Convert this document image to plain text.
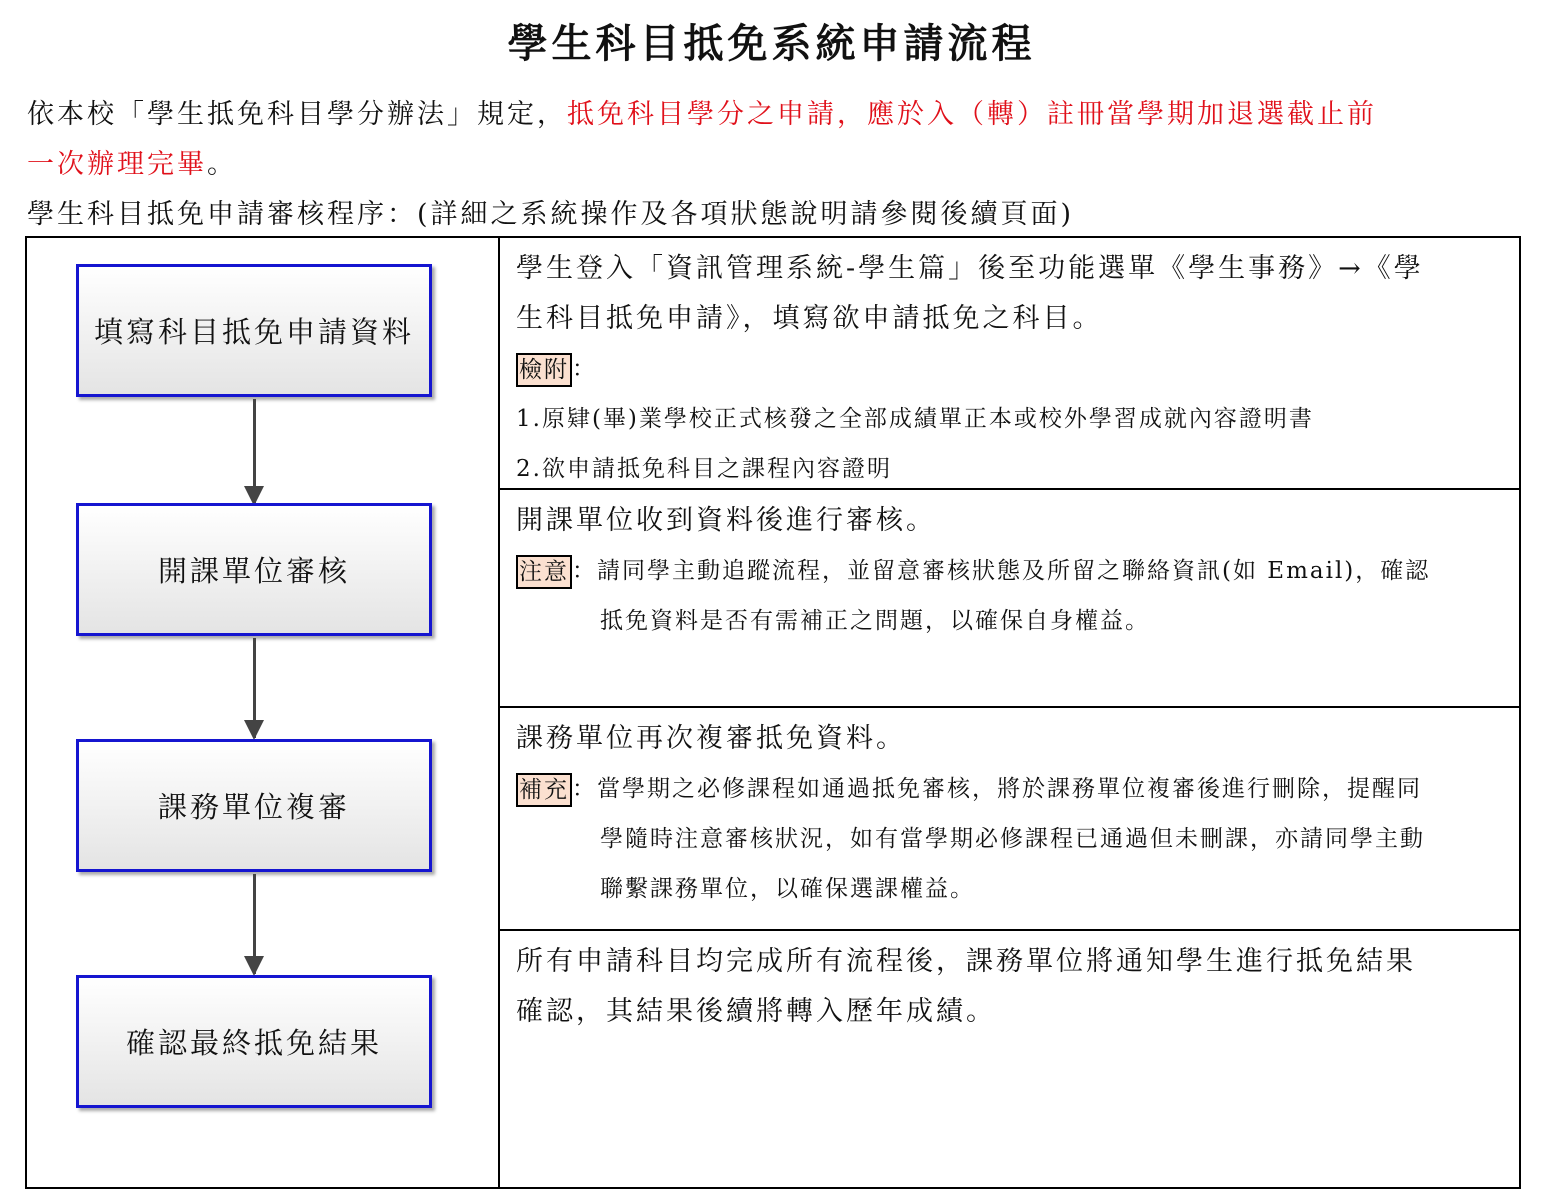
學生科目抵免系統申請流程
依本校「學生抵免科目學分辦法」規定，抵免科目學分之申請，應於入（轉）註冊當學期加退選截止前
一次辦理完畢。
學生科目抵免申請審核程序：(詳細之系統操作及各項狀態說明請參閱後續頁面)
填寫科目抵免申請資料
開課單位審核
課務單位複審
確認最終抵免結果
學生登入「資訊管理系統-學生篇」後至功能選單《學生事務》→《學
生科目抵免申請》，填寫欲申請抵免之科目。
檢附 ：
1.原肄(畢)業學校正式核發之全部成績單正本或校外學習成就內容證明書
2.欲申請抵免科目之課程內容證明
開課單位收到資料後進行審核。
注意 ：請同學主動追蹤流程，並留意審核狀態及所留之聯絡資訊(如 Email)，確認
抵免資料是否有需補正之問題，以確保自身權益。
課務單位再次複審抵免資料。
補充 ：當學期之必修課程如通過抵免審核，將於課務單位複審後進行刪除，提醒同
學隨時注意審核狀況，如有當學期必修課程已通過但未刪課，亦請同學主動
聯繫課務單位，以確保選課權益。
所有申請科目均完成所有流程後，課務單位將通知學生進行抵免結果
確認，其結果後續將轉入歷年成績。
